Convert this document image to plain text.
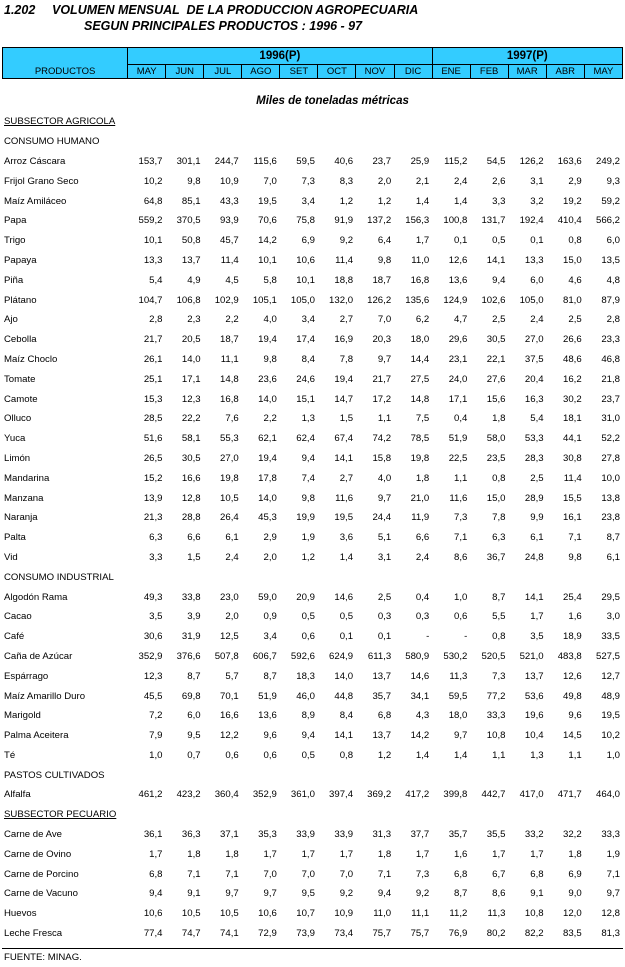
1.202 VOLUMEN MENSUAL  DE LA PRODUCCION AGROPECUARIA
SEGUN PRINCIPALES PRODUCTOS : 1996 - 97
	1996(P)								1997(P)				
PRODUCTOS	MAY	JUN	JUL	AGO	SET	OCT	NOV	DIC	ENE	FEB	MAR	ABR	MAY
Miles de toneladas métricas
SUBSECTOR AGRICOLA													
CONSUMO HUMANO													
Arroz Cáscara	153,7	301,1	244,7	115,6	59,5	40,6	23,7	25,9	115,2	54,5	126,2	163,6	249,2
Frijol Grano Seco	10,2	9,8	10,9	7,0	7,3	8,3	2,0	2,1	2,4	2,6	3,1	2,9	9,3
Maíz Amiláceo	64,8	85,1	43,3	19,5	3,4	1,2	1,2	1,4	1,4	3,3	3,2	19,2	59,2
Papa	559,2	370,5	93,9	70,6	75,8	91,9	137,2	156,3	100,8	131,7	192,4	410,4	566,2
Trigo	10,1	50,8	45,7	14,2	6,9	9,2	6,4	1,7	0,1	0,5	0,1	0,8	6,0
Papaya	13,3	13,7	11,4	10,1	10,6	11,4	9,8	11,0	12,6	14,1	13,3	15,0	13,5
Piña	5,4	4,9	4,5	5,8	10,1	18,8	18,7	16,8	13,6	9,4	6,0	4,6	4,8
Plátano	104,7	106,8	102,9	105,1	105,0	132,0	126,2	135,6	124,9	102,6	105,0	81,0	87,9
Ajo	2,8	2,3	2,2	4,0	3,4	2,7	7,0	6,2	4,7	2,5	2,4	2,5	2,8
Cebolla	21,7	20,5	18,7	19,4	17,4	16,9	20,3	18,0	29,6	30,5	27,0	26,6	23,3
Maíz Choclo	26,1	14,0	11,1	9,8	8,4	7,8	9,7	14,4	23,1	22,1	37,5	48,6	46,8
Tomate	25,1	17,1	14,8	23,6	24,6	19,4	21,7	27,5	24,0	27,6	20,4	16,2	21,8
Camote	15,3	12,3	16,8	14,0	15,1	14,7	17,2	14,8	17,1	15,6	16,3	30,2	23,7
Olluco	28,5	22,2	7,6	2,2	1,3	1,5	1,1	7,5	0,4	1,8	5,4	18,1	31,0
Yuca	51,6	58,1	55,3	62,1	62,4	67,4	74,2	78,5	51,9	58,0	53,3	44,1	52,2
Limón	26,5	30,5	27,0	19,4	9,4	14,1	15,8	19,8	22,5	23,5	28,3	30,8	27,8
Mandarina	15,2	16,6	19,8	17,8	7,4	2,7	4,0	1,8	1,1	0,8	2,5	11,4	10,0
Manzana	13,9	12,8	10,5	14,0	9,8	11,6	9,7	21,0	11,6	15,0	28,9	15,5	13,8
Naranja	21,3	28,8	26,4	45,3	19,9	19,5	24,4	11,9	7,3	7,8	9,9	16,1	23,8
Palta	6,3	6,6	6,1	2,9	1,9	3,6	5,1	6,6	7,1	6,3	6,1	7,1	8,7
Vid	3,3	1,5	2,4	2,0	1,2	1,4	3,1	2,4	8,6	36,7	24,8	9,8	6,1
CONSUMO INDUSTRIAL													
Algodón Rama	49,3	33,8	23,0	59,0	20,9	14,6	2,5	0,4	1,0	8,7	14,1	25,4	29,5
Cacao	3,5	3,9	2,0	0,9	0,5	0,5	0,3	0,3	0,6	5,5	1,7	1,6	3,0
Café	30,6	31,9	12,5	3,4	0,6	0,1	0,1	-	-	0,8	3,5	18,9	33,5
Caña de Azúcar	352,9	376,6	507,8	606,7	592,6	624,9	611,3	580,9	530,2	520,5	521,0	483,8	527,5
Espárrago	12,3	8,7	5,7	8,7	18,3	14,0	13,7	14,6	11,3	7,3	13,7	12,6	12,7
Maíz Amarillo Duro	45,5	69,8	70,1	51,9	46,0	44,8	35,7	34,1	59,5	77,2	53,6	49,8	48,9
Marigold	7,2	6,0	16,6	13,6	8,9	8,4	6,8	4,3	18,0	33,3	19,6	9,6	19,5
Palma Aceitera	7,9	9,5	12,2	9,6	9,4	14,1	13,7	14,2	9,7	10,8	10,4	14,5	10,2
Té	1,0	0,7	0,6	0,6	0,5	0,8	1,2	1,4	1,4	1,1	1,3	1,1	1,0
PASTOS CULTIVADOS													
Alfalfa	461,2	423,2	360,4	352,9	361,0	397,4	369,2	417,2	399,8	442,7	417,0	471,7	464,0
SUBSECTOR PECUARIO													
Carne de Ave	36,1	36,3	37,1	35,3	33,9	33,9	31,3	37,7	35,7	35,5	33,2	32,2	33,3
Carne de Ovino	1,7	1,8	1,8	1,7	1,7	1,7	1,8	1,7	1,6	1,7	1,7	1,8	1,9
Carne de Porcino	6,8	7,1	7,1	7,0	7,0	7,0	7,1	7,3	6,8	6,7	6,8	6,9	7,1
Carne de Vacuno	9,4	9,1	9,7	9,7	9,5	9,2	9,4	9,2	8,7	8,6	9,1	9,0	9,7
Huevos	10,6	10,5	10,5	10,6	10,7	10,9	11,0	11,1	11,2	11,3	10,8	12,0	12,8
Leche Fresca	77,4	74,7	74,1	72,9	73,9	73,4	75,7	75,7	76,9	80,2	82,2	83,5	81,3
FUENTE: MINAG.
